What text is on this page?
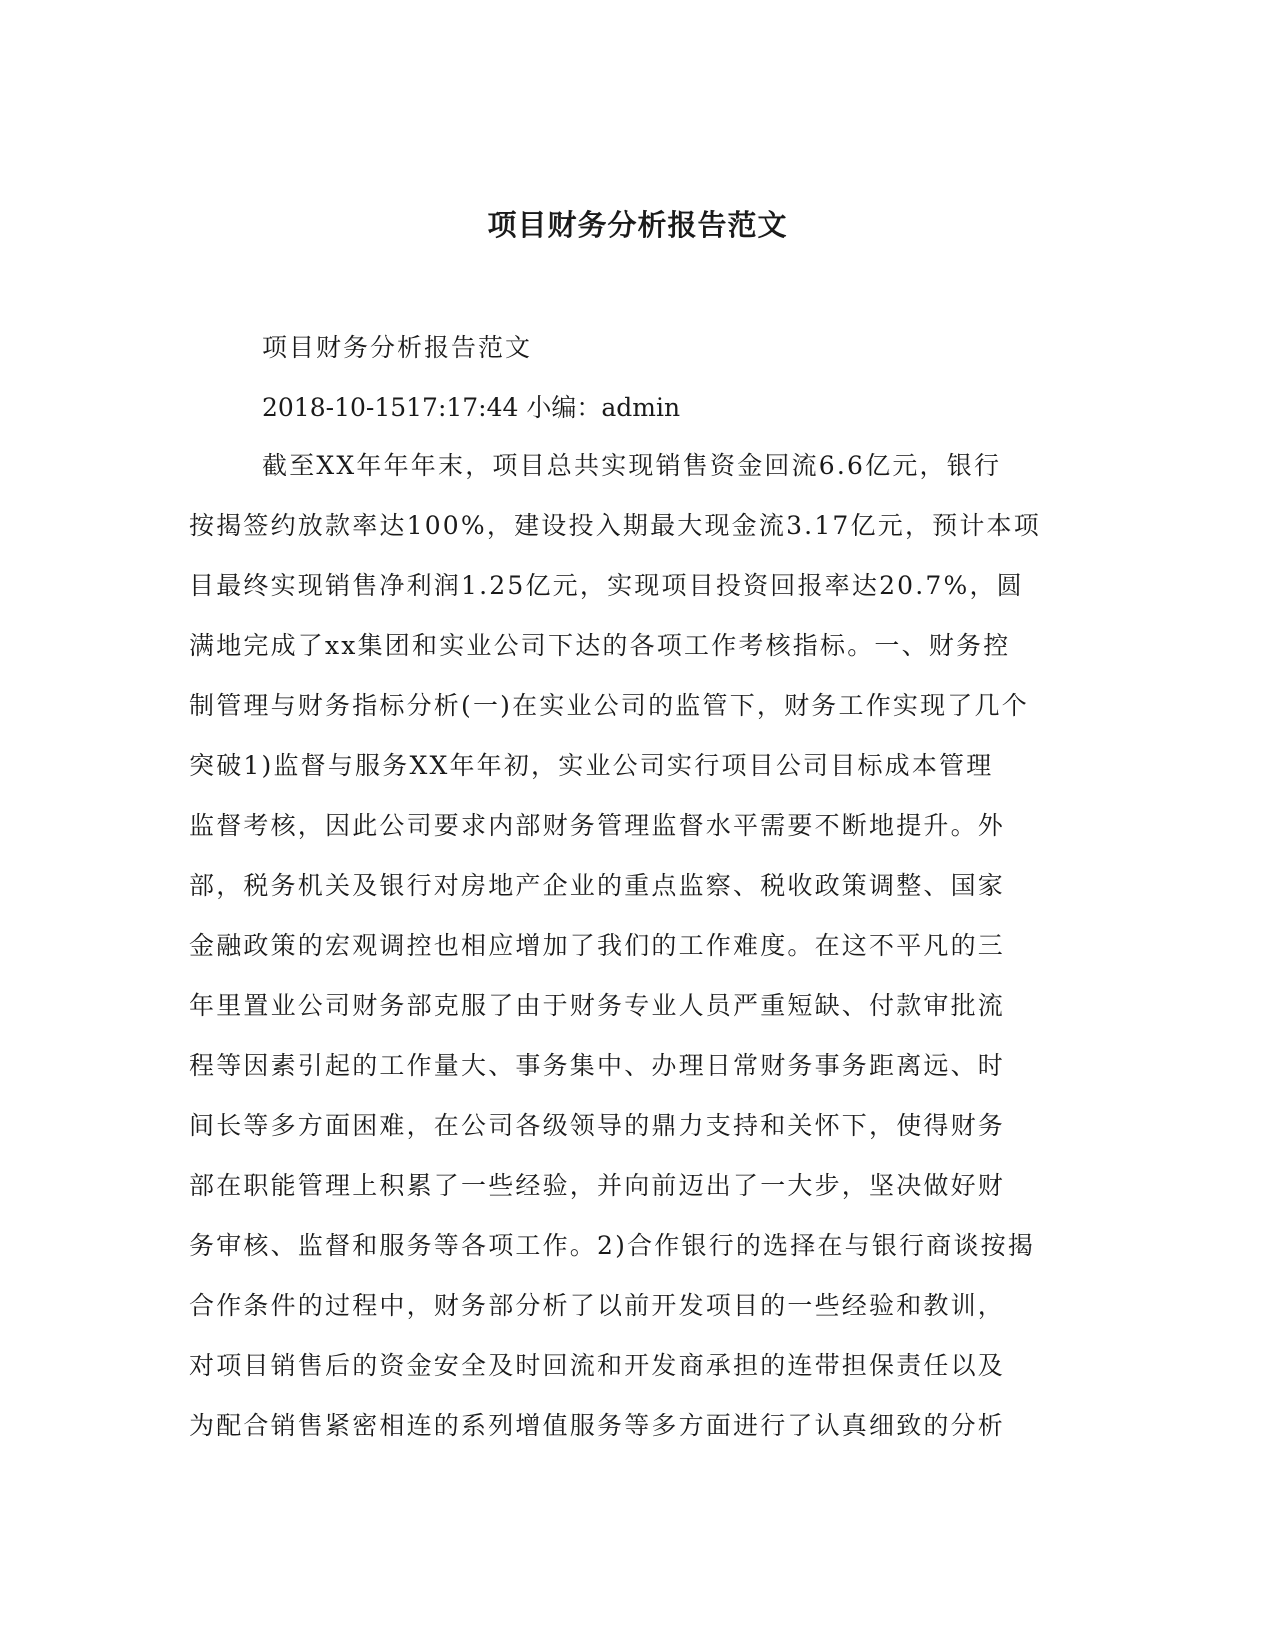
项目财务分析报告范文

项目财务分析报告范文

2018-10-1517:17:44 小编：admin

截至XX年年年末，项目总共实现销售资金回流6.6亿元，银行
按揭签约放款率达100%，建设投入期最大现金流3.17亿元，预计本项
目最终实现销售净利润1.25亿元，实现项目投资回报率达20.7%，圆
满地完成了xx集团和实业公司下达的各项工作考核指标。一、财务控
制管理与财务指标分析(一)在实业公司的监管下，财务工作实现了几个
突破1)监督与服务XX年年初，实业公司实行项目公司目标成本管理
监督考核，因此公司要求内部财务管理监督水平需要不断地提升。外
部，税务机关及银行对房地产企业的重点监察、税收政策调整、国家
金融政策的宏观调控也相应增加了我们的工作难度。在这不平凡的三
年里置业公司财务部克服了由于财务专业人员严重短缺、付款审批流
程等因素引起的工作量大、事务集中、办理日常财务事务距离远、时
间长等多方面困难，在公司各级领导的鼎力支持和关怀下，使得财务
部在职能管理上积累了一些经验，并向前迈出了一大步，坚决做好财
务审核、监督和服务等各项工作。2)合作银行的选择在与银行商谈按揭
合作条件的过程中，财务部分析了以前开发项目的一些经验和教训，
对项目销售后的资金安全及时回流和开发商承担的连带担保责任以及
为配合销售紧密相连的系列增值服务等多方面进行了认真细致的分析
